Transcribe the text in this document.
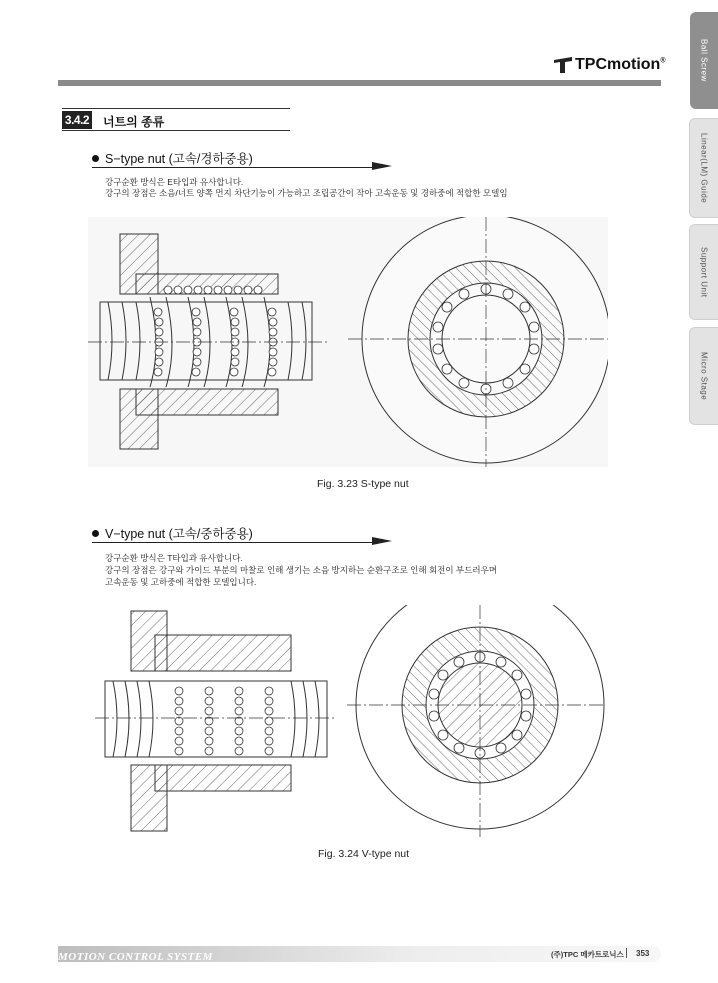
Ball Screw
Linear(LM) Guide
Support Unit
Micro Stage
TPCmotion®
3.4.2 너트의 종류
S−type nut (고속/경하중용)
강구순환 방식은 E타입과 유사합니다.
강구의 장점은 소음/너트 양쪽 먼지 차단기능이 가능하고 조립공간이 작아 고속운동 및 경하중에 적합한 모델임
Fig. 3.23 S-type nut
V−type nut (고속/중하중용)
강구순환 방식은 T타입과 유사합니다.
강구의 장점은 강구와 가이드 부분의 마찰로 인해 생기는 소음 방지하는 순환구조로 인해 회전이 부드러우며
고속운동 및 고하중에 적합한 모델입니다.
Fig. 3.24 V-type nut
MOTION CONTROL SYSTEM	(주)TPC 메카트로닉스 353
